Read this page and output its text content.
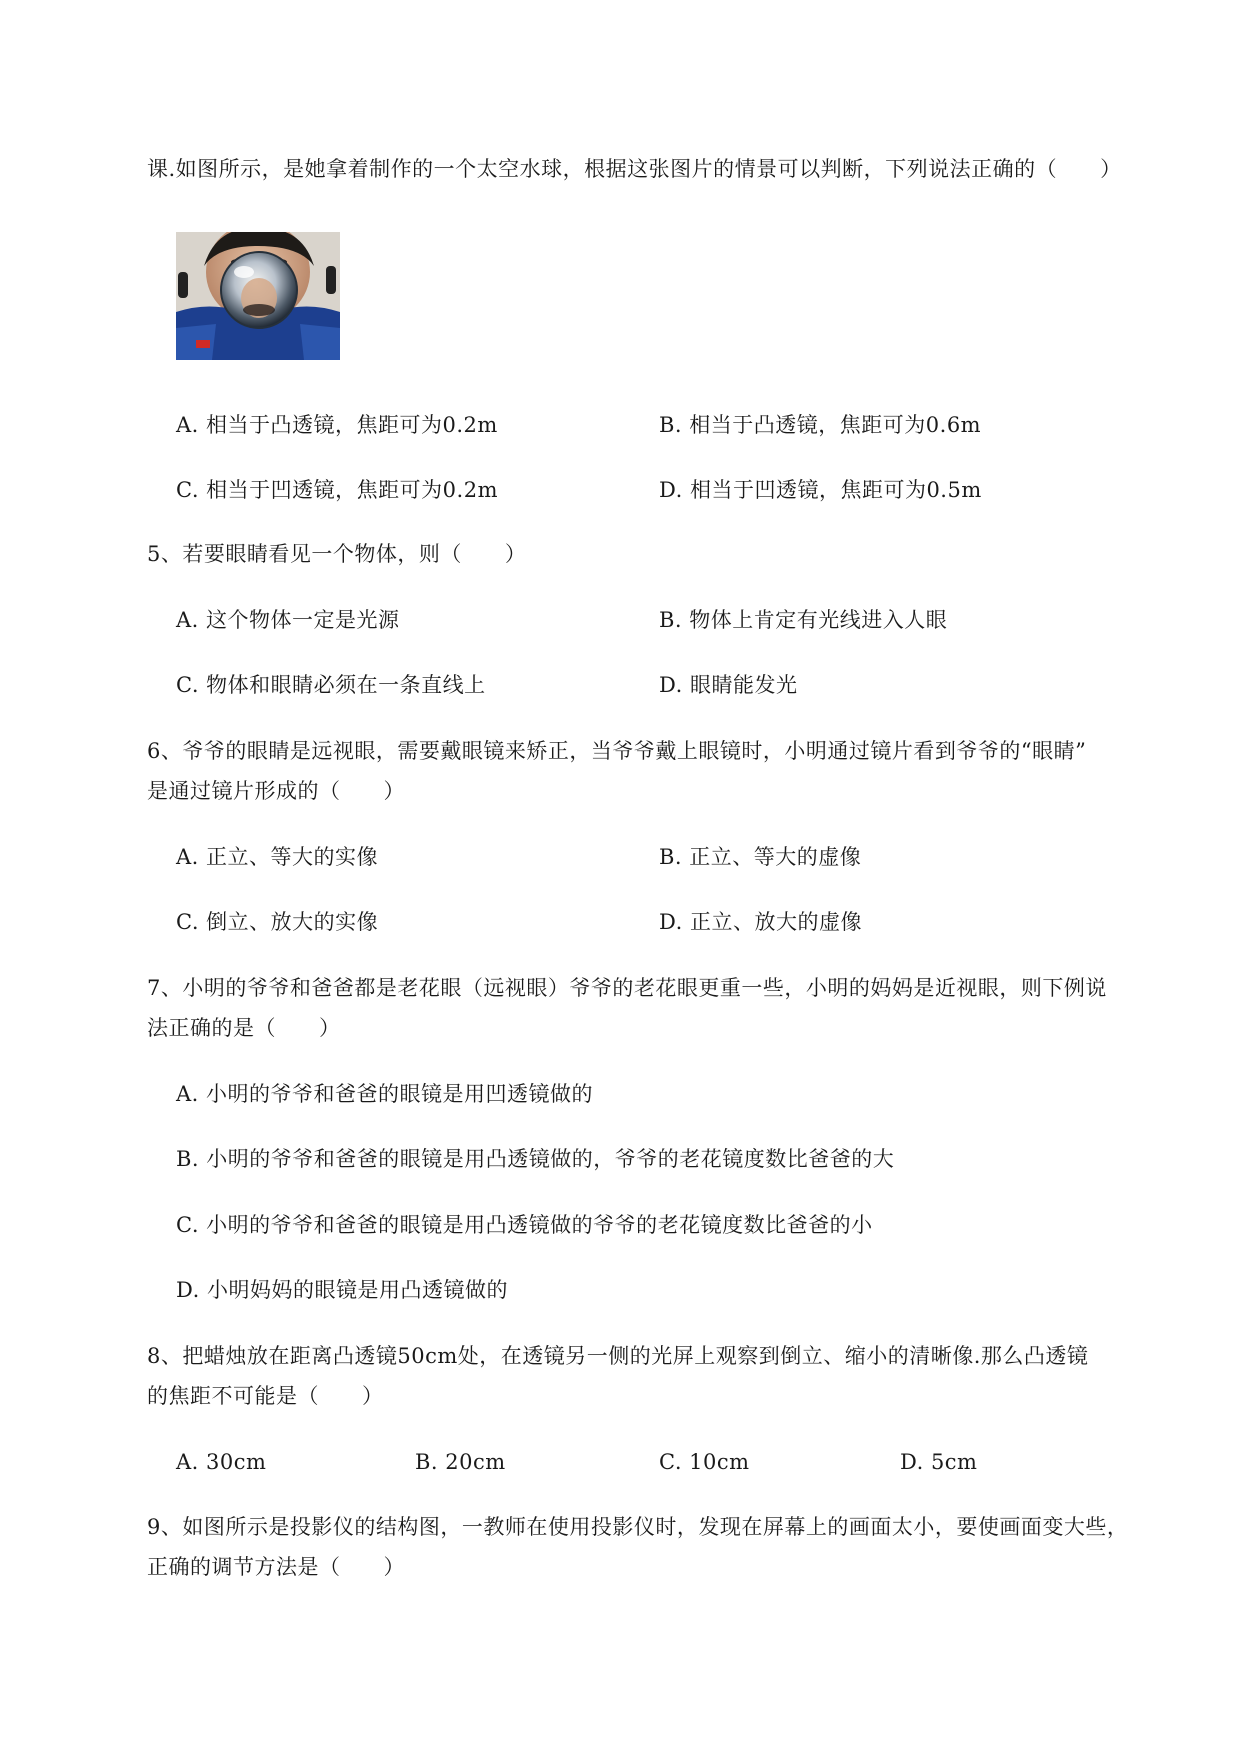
课.如图所示，是她拿着制作的一个太空水球，根据这张图片的情景可以判断，下列说法正确的（　　）
A. 相当于凸透镜，焦距可为0.2m	B. 相当于凸透镜，焦距可为0.6m
C. 相当于凹透镜，焦距可为0.2m	D. 相当于凹透镜，焦距可为0.5m
5、若要眼睛看见一个物体，则（　　）
A. 这个物体一定是光源	B. 物体上肯定有光线进入人眼
C. 物体和眼睛必须在一条直线上	D. 眼睛能发光
6、爷爷的眼睛是远视眼，需要戴眼镜来矫正，当爷爷戴上眼镜时，小明通过镜片看到爷爷的“眼睛”
是通过镜片形成的（　　）
A. 正立、等大的实像	B. 正立、等大的虚像
C. 倒立、放大的实像	D. 正立、放大的虚像
7、小明的爷爷和爸爸都是老花眼（远视眼）爷爷的老花眼更重一些，小明的妈妈是近视眼，则下例说
法正确的是（　　）
A. 小明的爷爷和爸爸的眼镜是用凹透镜做的
B. 小明的爷爷和爸爸的眼镜是用凸透镜做的，爷爷的老花镜度数比爸爸的大
C. 小明的爷爷和爸爸的眼镜是用凸透镜做的爷爷的老花镜度数比爸爸的小
D. 小明妈妈的眼镜是用凸透镜做的
8、把蜡烛放在距离凸透镜50cm处，在透镜另一侧的光屏上观察到倒立、缩小的清晰像.那么凸透镜
的焦距不可能是（　　）
A. 30cm	B. 20cm	C. 10cm	D. 5cm
9、如图所示是投影仪的结构图，一教师在使用投影仪时，发现在屏幕上的画面太小，要使画面变大些，
正确的调节方法是（　　）
